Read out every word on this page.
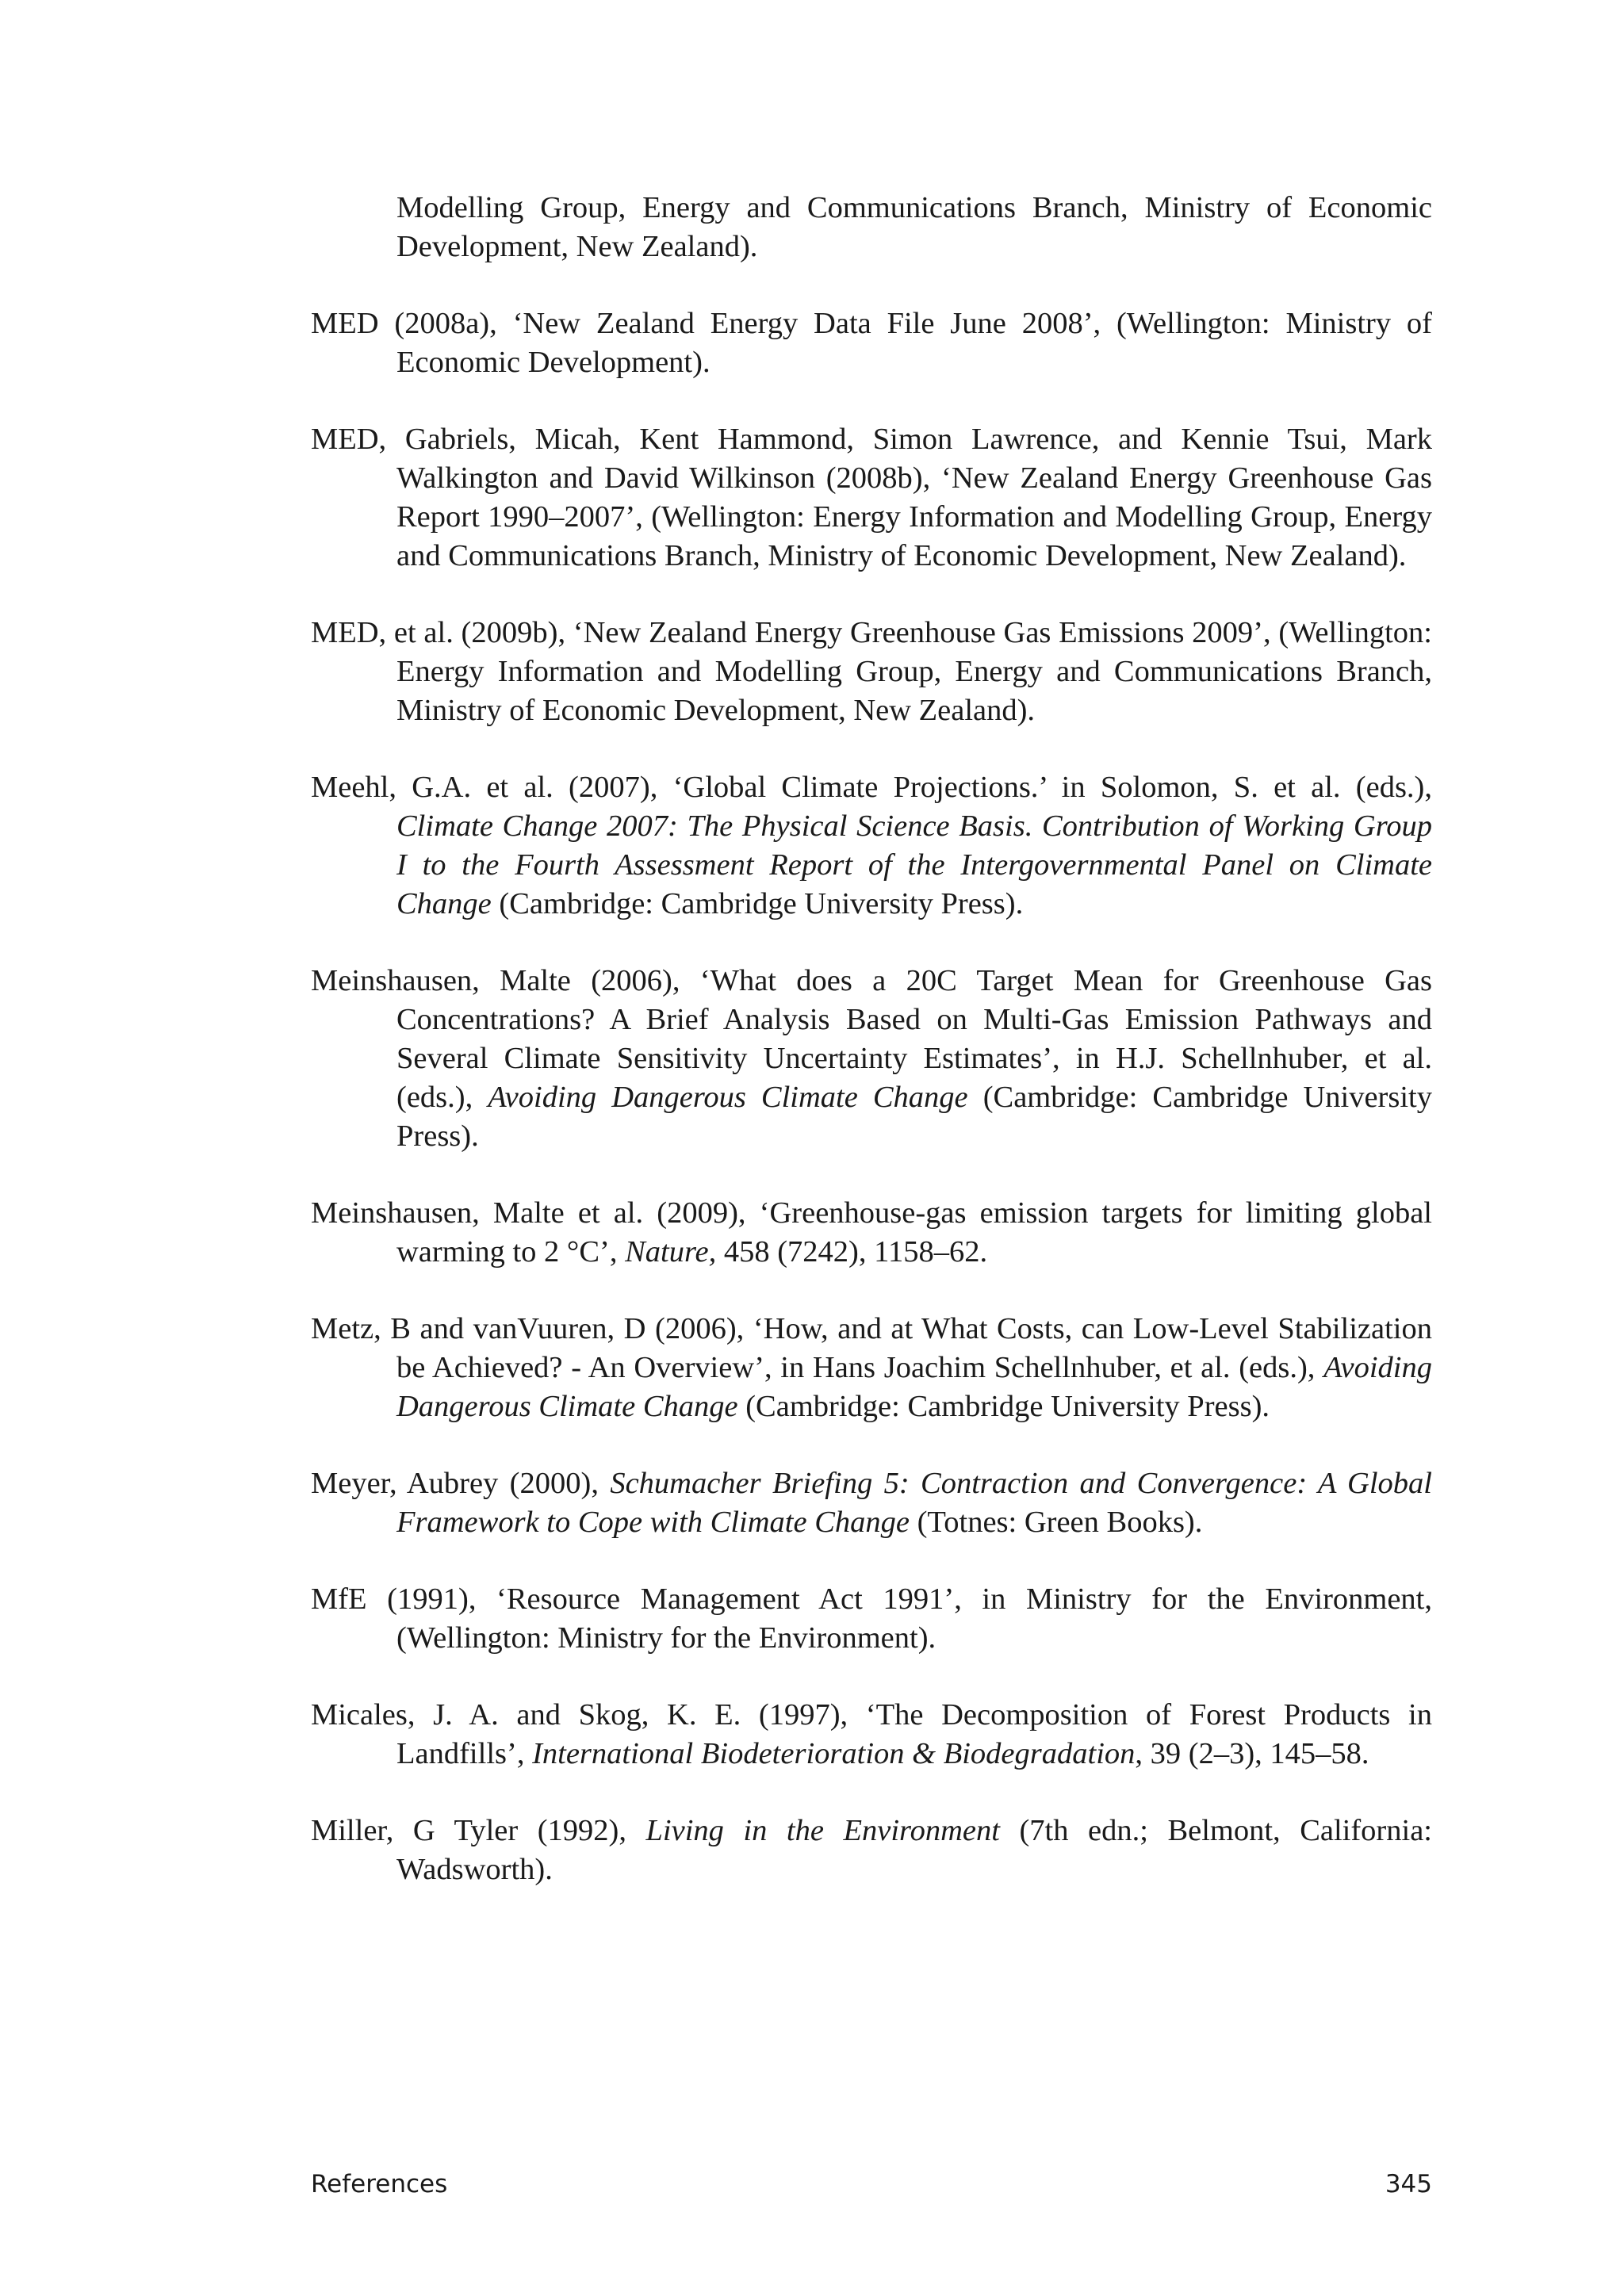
Modelling Group, Energy and Communications Branch, Ministry of Economic Development, New Zealand).
MED (2008a), ‘New Zealand Energy Data File June 2008’, (Wellington: Ministry of Economic Development).
MED, Gabriels, Micah, Kent Hammond, Simon Lawrence, and Kennie Tsui, Mark Walkington and David Wilkinson (2008b), ‘New Zealand Energy Greenhouse Gas Report 1990–2007’, (Wellington: Energy Information and Modelling Group, Energy and Communications Branch, Ministry of Economic Development, New Zealand).
MED, et al. (2009b), ‘New Zealand Energy Greenhouse Gas Emissions 2009’, (Wellington: Energy Information and Modelling Group, Energy and Communications Branch, Ministry of Economic Development, New Zealand).
Meehl, G.A. et al. (2007), ‘Global Climate Projections.’ in Solomon, S. et al. (eds.), Climate Change 2007: The Physical Science Basis. Contribution of Working Group I to the Fourth Assessment Report of the Intergovernmental Panel on Climate Change (Cambridge: Cambridge University Press).
Meinshausen, Malte (2006), ‘What does a 20C Target Mean for Greenhouse Gas Concentrations? A Brief Analysis Based on Multi-Gas Emission Pathways and Several Climate Sensitivity Uncertainty Estimates’, in H.J. Schellnhuber, et al. (eds.), Avoiding Dangerous Climate Change (Cambridge: Cambridge University Press).
Meinshausen, Malte et al. (2009), ‘Greenhouse-gas emission targets for limiting global warming to 2 °C’, Nature, 458 (7242), 1158–62.
Metz, B and vanVuuren, D (2006), ‘How, and at What Costs, can Low-Level Stabilization be Achieved? - An Overview’, in Hans Joachim Schellnhuber, et al. (eds.), Avoiding Dangerous Climate Change (Cambridge: Cambridge University Press).
Meyer, Aubrey (2000), Schumacher Briefing 5: Contraction and Convergence: A Global Framework to Cope with Climate Change (Totnes: Green Books).
MfE (1991), ‘Resource Management Act 1991’, in Ministry for the Environment, (Wellington: Ministry for the Environment).
Micales, J. A. and Skog, K. E. (1997), ‘The Decomposition of Forest Products in Landfills’, International Biodeterioration & Biodegradation, 39 (2–3), 145–58.
Miller, G Tyler (1992), Living in the Environment (7th edn.; Belmont, California: Wadsworth).
References	345
